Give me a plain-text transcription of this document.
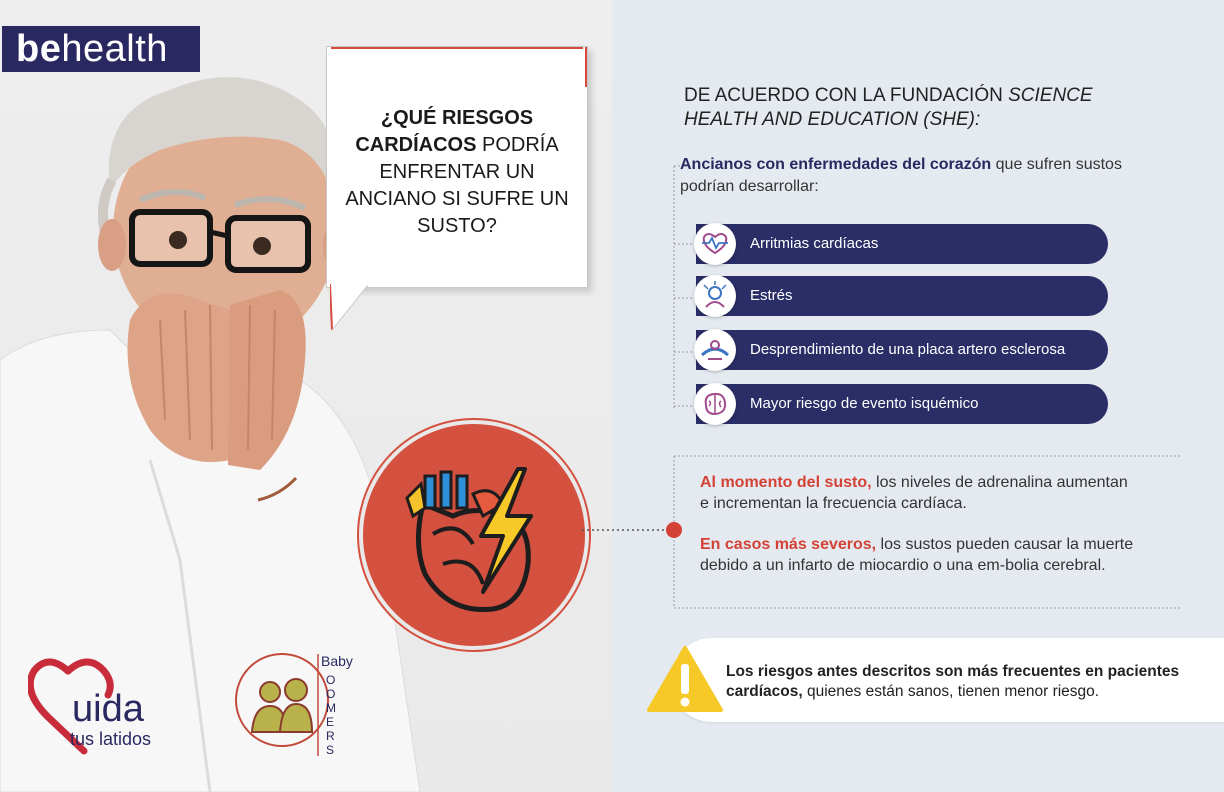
behealth
¿QUÉ RIESGOS CARDÍACOS PODRÍA ENFRENTAR UN ANCIANO SI SUFRE UN SUSTO?
uida
tus latidos
Baby
O
O
M
E
R
S
DE ACUERDO CON LA FUNDACIÓN SCIENCE HEALTH AND EDUCATION (SHE):
Ancianos con enfermedades del corazón que sufren sustos podrían desarrollar:
Arritmias cardíacas
Estrés
Desprendimiento de una placa artero esclerosa
Mayor riesgo de evento isquémico
Al momento del susto, los niveles de adrenalina aumentan e incrementan la frecuencia cardíaca.
En casos más severos, los sustos pueden causar la muerte debido a un infarto de miocardio o una em-bolia cerebral.
Los riesgos antes descritos son más frecuentes en pacientes cardíacos, quienes están sanos, tienen menor riesgo.
